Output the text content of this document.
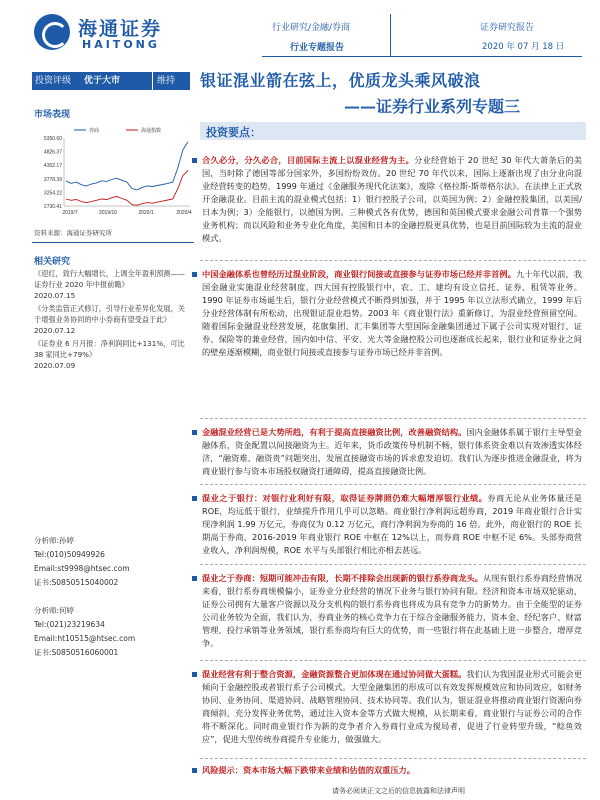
海通证券
HAITONG
行业研究/金融/券商
行业专题报告
证券研究报告
2020 年 07 月 18 日
投资评级 优于大市	维持 银证混业箭在弦上，优质龙头乘风破浪
——证券行业系列专题三
市场表现
2730.41
3254.22
3778.39
4302.17
4826.37
5350.60
2019/7	2019/10	2020/1	2020/4
券商	海通指数
资料来源：海通证券研究所
相关研究
《迎红，致行大幅增长，上调全年盈利预测——证券行业 2020 年中报前瞻》
2020.07.15
《分类监管正式修订，引导行业差异化发展，关于增强业务协同的中小券商有望受益于此》
2020.07.12
《证券业 6 月月报：净利润同比+131%，可比 38 家同比+79%》
2020.07.09
分析师:孙婷
Tel:(010)50949926
Email:st9998@htsec.com
证书:S0850515040002
分析师:何婷
Tel:(021)23219634
Email:ht10515@htsec.com
证书:S0850516060001
投资要点：
合久必分，分久必合，目前国际主流上以混业经营为主。分业经营始于 20 世纪 30 年代大萧条后的美国，当时除了德国等部分国家外，多国纷纷效仿。20 世纪 70 年代以来，国际上逐渐出现了由分业向混业经营转变的趋势，1999 年通过《金融服务现代化法案》，废除《格拉斯-斯蒂格尔法》。在法律上正式放开金融混业。目前主流的混业模式包括：1）银行控股子公司，以英国为例；2）金融控股集团，以美国/日本为例；3）全能银行，以德国为例。三种模式各有优势，德国和英国模式要求金融公司背靠一个强势业务机构；而以风险和业务专业化角度，美国和日本的金融控股更具优势，也是目前国际较为主流的混业模式。
中国金融体系也曾经历过混业阶段，商业银行间接或直接参与证券市场已经并非首例。九十年代以前，我国金融业实施混业经营制度，四大国有控股银行中，农、工、建均有设立信托、证券、租赁等业务。1990 年证券市场诞生后，银行分业经营模式不断得到加强，并于 1995 年以立法形式确立，1999 年后分业经营体制有所松动，出现银证混业趋势。2003 年《商业银行法》重新修订，为混业经营预留空间。随着国际金融混业经营发展，花旗集团、汇丰集团等大型国际金融集团通过下属子公司实现对银行、证券、保险等的兼业经营，国内如中信、平安、光大等金融控股公司也逐渐成长起来，银行业和证券业之间的壁垒逐渐模糊，商业银行间接或直接参与证券市场已经并非首例。
金融混业经营已是大势所趋，有利于提高直接融资比例，改善融资结构。国内金融体系属于银行主导型金融体系，资金配置以间接融资为主。近年来，货币政策传导机制不畅，银行体系资金难以有效渗透实体经济，“融资难、融资贵”问题突出，发展直接融资市场的诉求愈发迫切。我们认为逐步推进金融混业，将为商业银行参与资本市场股权融资打通障碍，提高直接融资比例。
混业之于银行：对银行业利好有限，取得证券牌照仍难大幅增厚银行业绩。券商无论从业务体量还是 ROE，均远低于银行，业绩提升作用几乎可以忽略。商业银行净利润远超券商，2019 年商业银行合计实现净利润 1.99 万亿元，券商仅为 0.12 万亿元，商行净利润为券商的 16 倍。此外，商业银行的 ROE 长期高于券商，2016-2019 年商业银行 ROE 中枢在 12%以上，而券商 ROE 中枢不足 6%。头部券商营业收入，净利润规模，ROE 水平与头部银行相比亦相去甚远。
混业之于券商：短期可能冲击有限，长期不排除会出现新的银行系券商龙头。从现有银行系券商经营情况来看，银行系券商规模偏小，证券业分业经营的情况下业务与银行协同有限。经济和资本市场双轮驱动，证券公司拥有大量客户资源以及分支机构的银行系券商也将成为具有竞争力的新势力。由于全能型的证券公司业务较为全面，我们认为，券商业务的核心竞争力在于综合金融服务能力，资本金、经纪客户、财富管理、投行承销等业务领域，银行系券商均有巨大的优势，而一些银行将在此基础上进一步整合，增厚竞争。
混业经营有利于整合资源，金融资源整合更加体现在通过协同做大蛋糕。我们认为我国混业形式可能会更倾向于金融控股或者银行系子公司模式。大型金融集团的形成可以有效发挥规模效应和协同效应，如财务协同、业务协同、渠道协同、战略管理协同、技术协同等。我们认为，银证混业将推动商业银行资源向券商倾斜，充分发挥业务优势，通过注入资本金等方式做大规模，从长期来看，商业银行与证券公司的合作将不断深化。同时商业银行作为新的竞争者介入券商行业成为搅局者，促进了行业转型升级，“鲶鱼效应”，促进大型传统券商提升专业能力，做强做大。
风险提示：资本市场大幅下跌带来业绩和估值的双重压力。
请务必阅读正文之后的信息披露和法律声明
